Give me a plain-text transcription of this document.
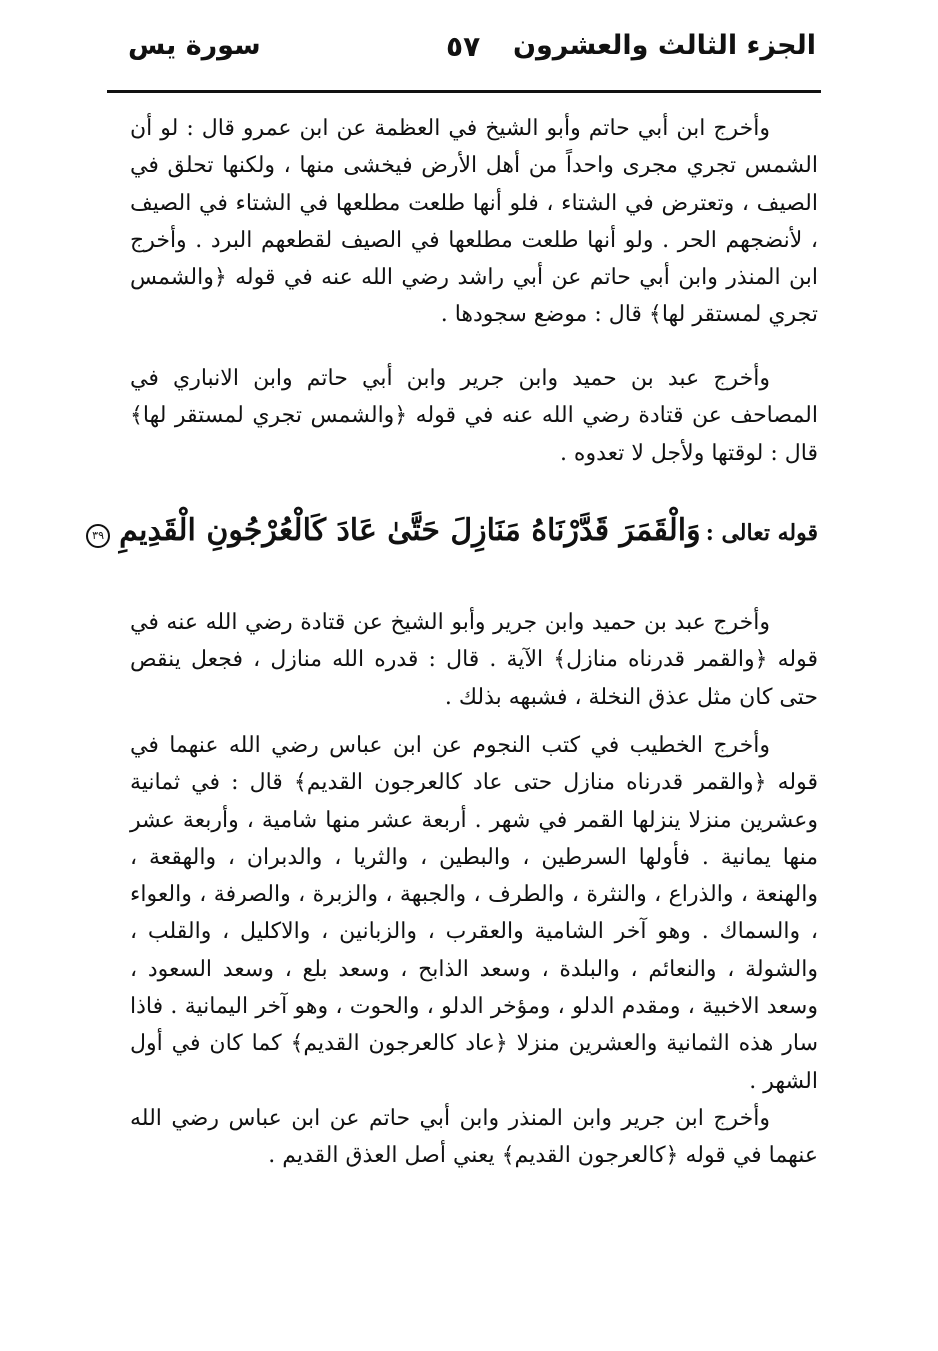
سورة يس	٥٧ الجزء الثالث والعشرون

وأخرج ابن أبي حاتم وأبو الشيخ في العظمة عن ابن عمرو قال : لو أن الشمس تجري مجرى واحداً من أهل الأرض فيخشى منها ، ولكنها تحلق في الصيف ، وتعترض في الشتاء ، فلو أنها طلعت مطلعها في الشتاء في الصيف ، لأنضجهم الحر . ولو أنها طلعت مطلعها في الصيف لقطعهم البرد . وأخرج ابن المنذر وابن أبي حاتم عن أبي راشد رضي الله عنه في قوله ﴿والشمس تجري لمستقر لها﴾ قال : موضع سجودها .

وأخرج عبد بن حميد وابن جرير وابن أبي حاتم وابن الانباري في المصاحف عن قتادة رضي الله عنه في قوله ﴿والشمس تجري لمستقر لها﴾ قال : لوقتها ولأجل لا تعدوه .

قوله تعالى : وَالْقَمَرَ قَدَّرْنَاهُ مَنَازِلَ حَتَّىٰ عَادَ كَالْعُرْجُونِ الْقَدِيمِ ٣٩

وأخرج عبد بن حميد وابن جرير وأبو الشيخ عن قتادة رضي الله عنه في قوله ﴿والقمر قدرناه منازل﴾ الآية . قال : قدره الله منازل ، فجعل ينقص حتى كان مثل عذق النخلة ، فشبهه بذلك .

وأخرج الخطيب في كتب النجوم عن ابن عباس رضي الله عنهما في قوله ﴿والقمر قدرناه منازل حتى عاد كالعرجون القديم﴾ قال : في ثمانية وعشرين منزلا ينزلها القمر في شهر . أربعة عشر منها شامية ، وأربعة عشر منها يمانية . فأولها السرطين ، والبطين ، والثريا ، والدبران ، والهقعة ، والهنعة ، والذراع ، والنثرة ، والطرف ، والجبهة ، والزبرة ، والصرفة ، والعواء ، والسماك . وهو آخر الشامية والعقرب ، والزبانين ، والاكليل ، والقلب ، والشولة ، والنعائم ، والبلدة ، وسعد الذابح ، وسعد بلع ، وسعد السعود ، وسعد الاخبية ، ومقدم الدلو ، ومؤخر الدلو ، والحوت ، وهو آخر اليمانية . فاذا سار هذه الثمانية والعشرين منزلا ﴿عاد كالعرجون القديم﴾ كما كان في أول الشهر .

وأخرج ابن جرير وابن المنذر وابن أبي حاتم عن ابن عباس رضي الله عنهما في قوله ﴿كالعرجون القديم﴾ يعني أصل العذق القديم .
